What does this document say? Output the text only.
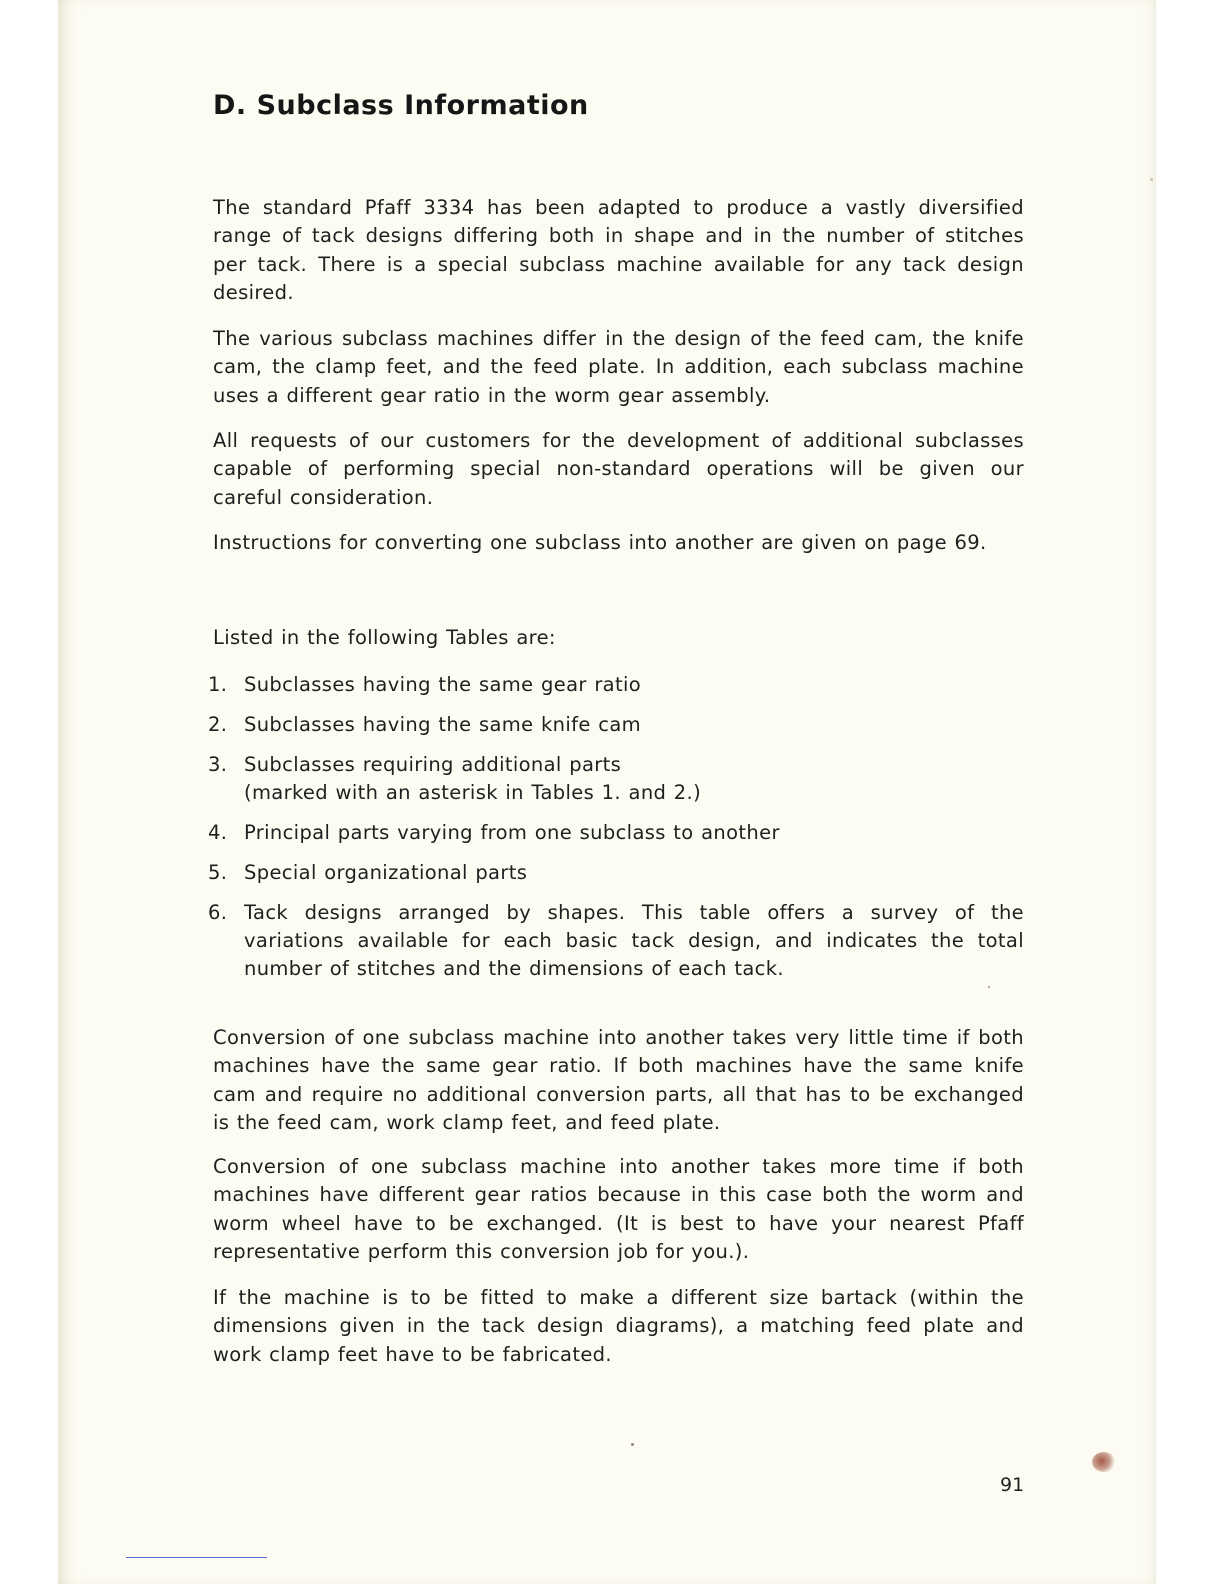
D. Subclass Information

The standard Pfaff 3334 has been adapted to produce a vastly diversified range of tack designs differing both in shape and in the number of stitches per tack. There is a special subclass machine available for any tack design desired.

The various subclass machines differ in the design of the feed cam, the knife cam, the clamp feet, and the feed plate. In addition, each subclass machine uses a different gear ratio in the worm gear assembly.

All requests of our customers for the development of additional subclasses capable of performing special non-standard operations will be given our careful consideration.

Instructions for converting one subclass into another are given on page 69.

Listed in the following Tables are:

1. Subclasses having the same gear ratio
2. Subclasses having the same knife cam
3. Subclasses requiring additional parts
(marked with an asterisk in Tables 1. and 2.)
4. Principal parts varying from one subclass to another
5. Special organizational parts
6. Tack designs arranged by shapes. This table offers a survey of the variations available for each basic tack design, and indicates the total number of stitches and the dimensions of each tack.

Conversion of one subclass machine into another takes very little time if both machines have the same gear ratio. If both machines have the same knife cam and require no additional conversion parts, all that has to be exchanged is the feed cam, work clamp feet, and feed plate.

Conversion of one subclass machine into another takes more time if both machines have different gear ratios because in this case both the worm and worm wheel have to be exchanged. (It is best to have your nearest Pfaff representative perform this conversion job for you.).

If the machine is to be fitted to make a different size bartack (within the dimensions given in the tack design diagrams), a matching feed plate and work clamp feet have to be fabricated.

91
